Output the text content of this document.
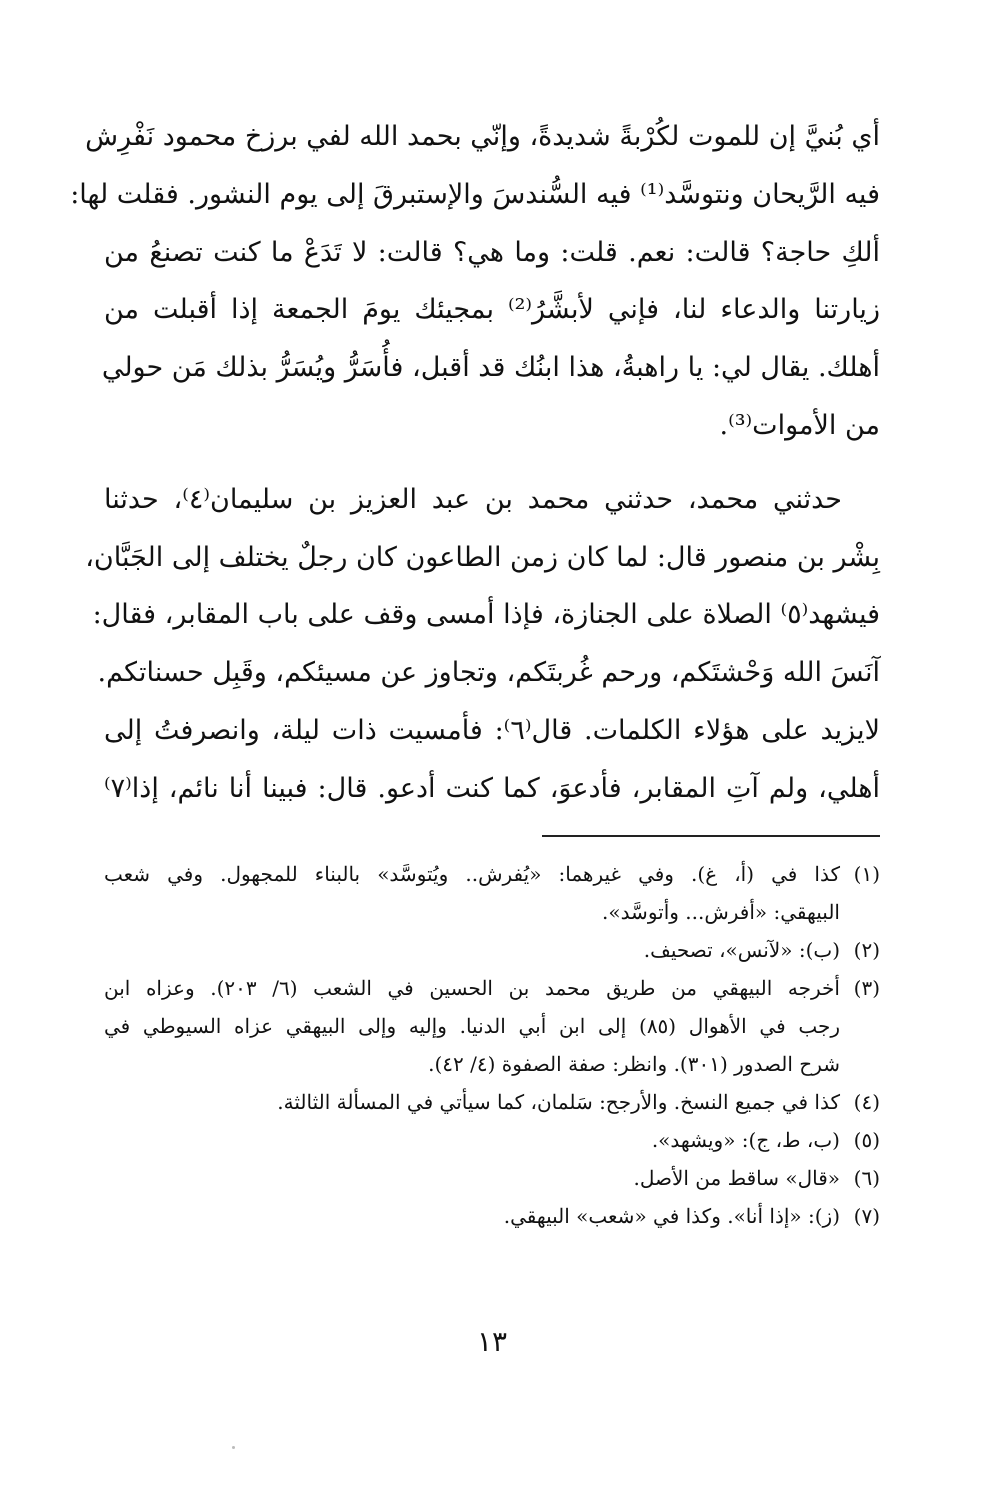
أي بُنيَّ إن للموت لكُرْبةً شديدةً، وإنّي بحمد الله لفي برزخ محمود نَفْرِش
فيه الرَّيحان ونتوسَّد⁽¹⁾ فيه السُّندسَ والإستبرقَ إلى يوم النشور. فقلت لها:
ألكِ حاجة؟ قالت: نعم. قلت: وما هي؟ قالت: لا تَدَعْ ما كنت تصنعُ من
زيارتنا والدعاء لنا، فإني لأبشَّرُ⁽²⁾ بمجيئك يومَ الجمعة إذا أقبلت من
أهلك. يقال لي: يا راهبةُ، هذا ابنُك قد أقبل، فأُسَرُّ ويُسَرُّ بذلك مَن حولي
من الأموات⁽³⁾.

حدثني محمد، حدثني محمد بن عبد العزيز بن سليمان⁽٤⁾، حدثنا
بِشْر بن منصور قال: لما كان زمن الطاعون كان رجلٌ يختلف إلى الجَبَّان،
فيشهد⁽٥⁾ الصلاة على الجنازة، فإذا أمسى وقف على باب المقابر، فقال:
آنَسَ الله وَحْشتَكم، ورحم غُربتَكم، وتجاوز عن مسيئكم، وقَبِل حسناتكم.
لايزيد على هؤلاء الكلمات. قال⁽٦⁾: فأمسيت ذات ليلة، وانصرفتُ إلى
أهلي، ولم آتِ المقابر، فأدعوَ، كما كنت أدعو. قال: فبينا أنا نائم، إذا⁽٧⁾

(١)
كذا في (أ، غ). وفي غيرهما: «يُفرش.. ويُتوسَّد» بالبناء للمجهول. وفي شعب
البيهقي: «أفرش... وأتوسَّد».
(٢)
(ب): «لآنس»، تصحيف.
(٣)
أخرجه البيهقي من طريق محمد بن الحسين في الشعب (٦/ ٢٠٣). وعزاه ابن
رجب في الأهوال (٨٥) إلى ابن أبي الدنيا. وإليه وإلى البيهقي عزاه السيوطي في
شرح الصدور (٣٠١). وانظر: صفة الصفوة (٤/ ٤٢).
(٤)
كذا في جميع النسخ. والأرجح: سَلمان، كما سيأتي في المسألة الثالثة.
(٥)
(ب، ط، ج): «ويشهد».
(٦)
«قال» ساقط من الأصل.
(٧)
(ز): «إذا أنا». وكذا في «شعب» البيهقي.
١٣
